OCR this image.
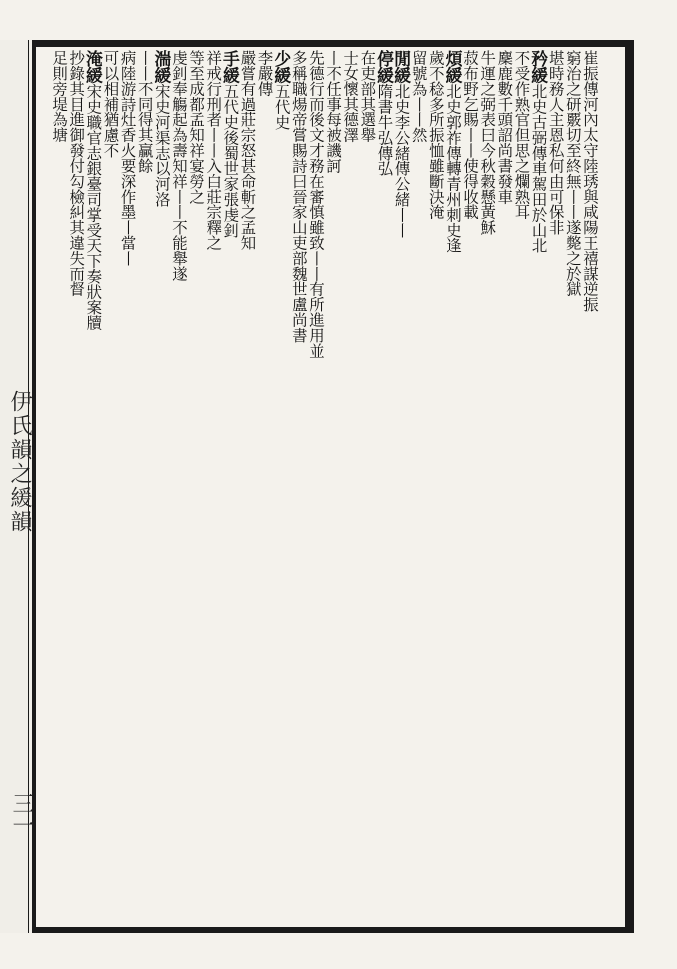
伊氏韻之緩韻
三一
崔振傳河內太守陸琇與咸陽王禧謀逆振
窮治之研覈切至終無丨丨遂斃之於獄
堪時務人主恩私何由可保非
矜緩北史古弼傳車駕田於山北
不受作熟官但思之爛熟耳
麇鹿數千頭詔尚書發車
牛運之弼表曰今秋穀懸黃穌
菽布野乞賜丨丨使得收載
煩緩北史郭祚傳轉青州刺史逢
歲不稔多所振恤雖斷決淹
留號為丨丨然
閒緩北史李公緒傳公緒丨丨
停緩隋書牛弘傳弘
在吏部其選舉
士女懷其德澤
丨不任事每被譏訶
先德行而後文才務在審慎雖致丨丨有所進用並
多稱職煬帝嘗賜詩曰晉家山吏部魏世盧尚書
少緩五代史
李嚴傳
嚴嘗有過莊宗怒甚命斬之孟知
手緩五代史後蜀世家張虔釗
祥戒行刑者丨丨入白莊宗釋之
等至成都孟知祥宴勞之
虔釗奉觴起為壽知祥丨丨不能舉遂
湍緩宋史河渠志以河洛
丨丨不同得其贏餘
病陸游詩灶香火要深作墨丨當丨
可以相補猶慮不
淹緩宋史職官志銀臺司掌受天下奏狀案牘
抄錄其目進御發付勾檢糾其違失而督
足則旁堤為塘
